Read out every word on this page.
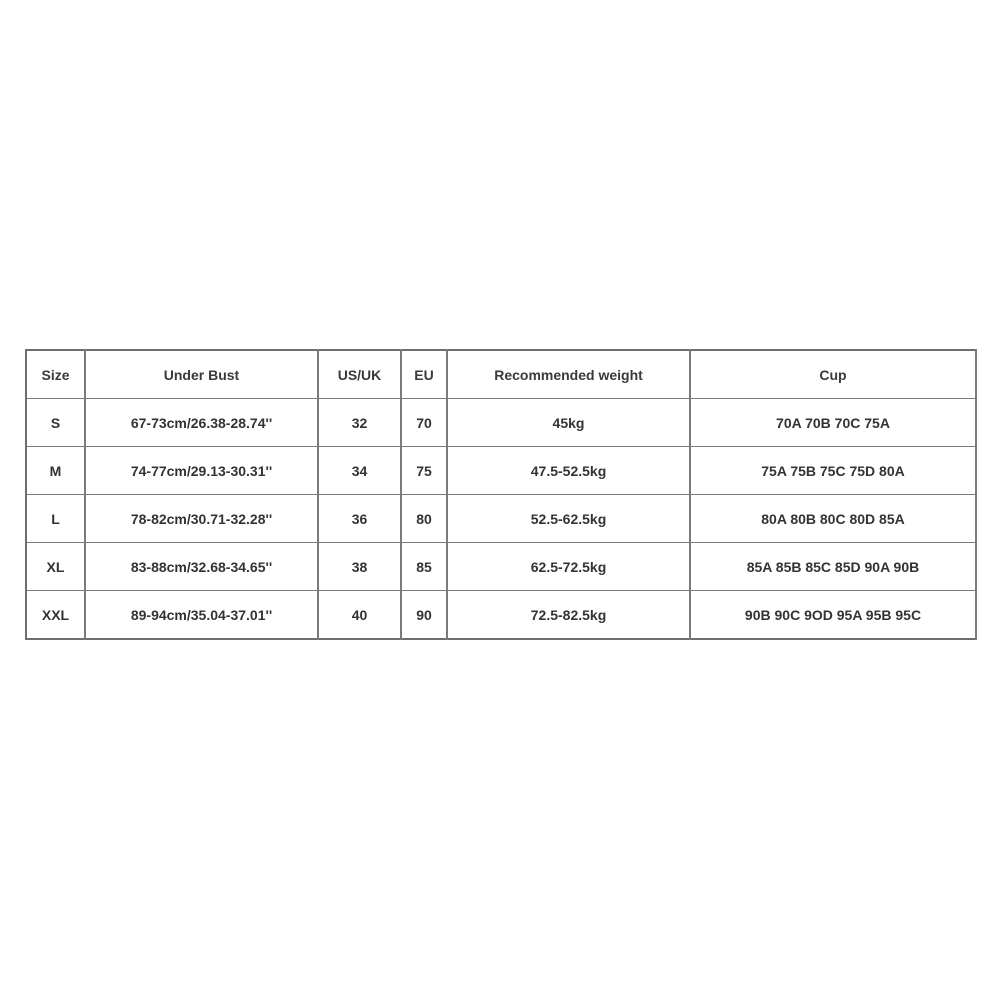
Size	Under Bust	US/UK	EU	Recommended weight	Cup
S	67-73cm/26.38-28.74''	32	70	45kg	70A 70B 70C 75A
M	74-77cm/29.13-30.31''	34	75	47.5-52.5kg	75A 75B 75C 75D 80A
L	78-82cm/30.71-32.28''	36	80	52.5-62.5kg	80A 80B 80C 80D 85A
XL	83-88cm/32.68-34.65''	38	85	62.5-72.5kg	85A 85B 85C 85D 90A 90B
XXL	89-94cm/35.04-37.01''	40	90	72.5-82.5kg	90B 90C 9OD 95A 95B 95C
